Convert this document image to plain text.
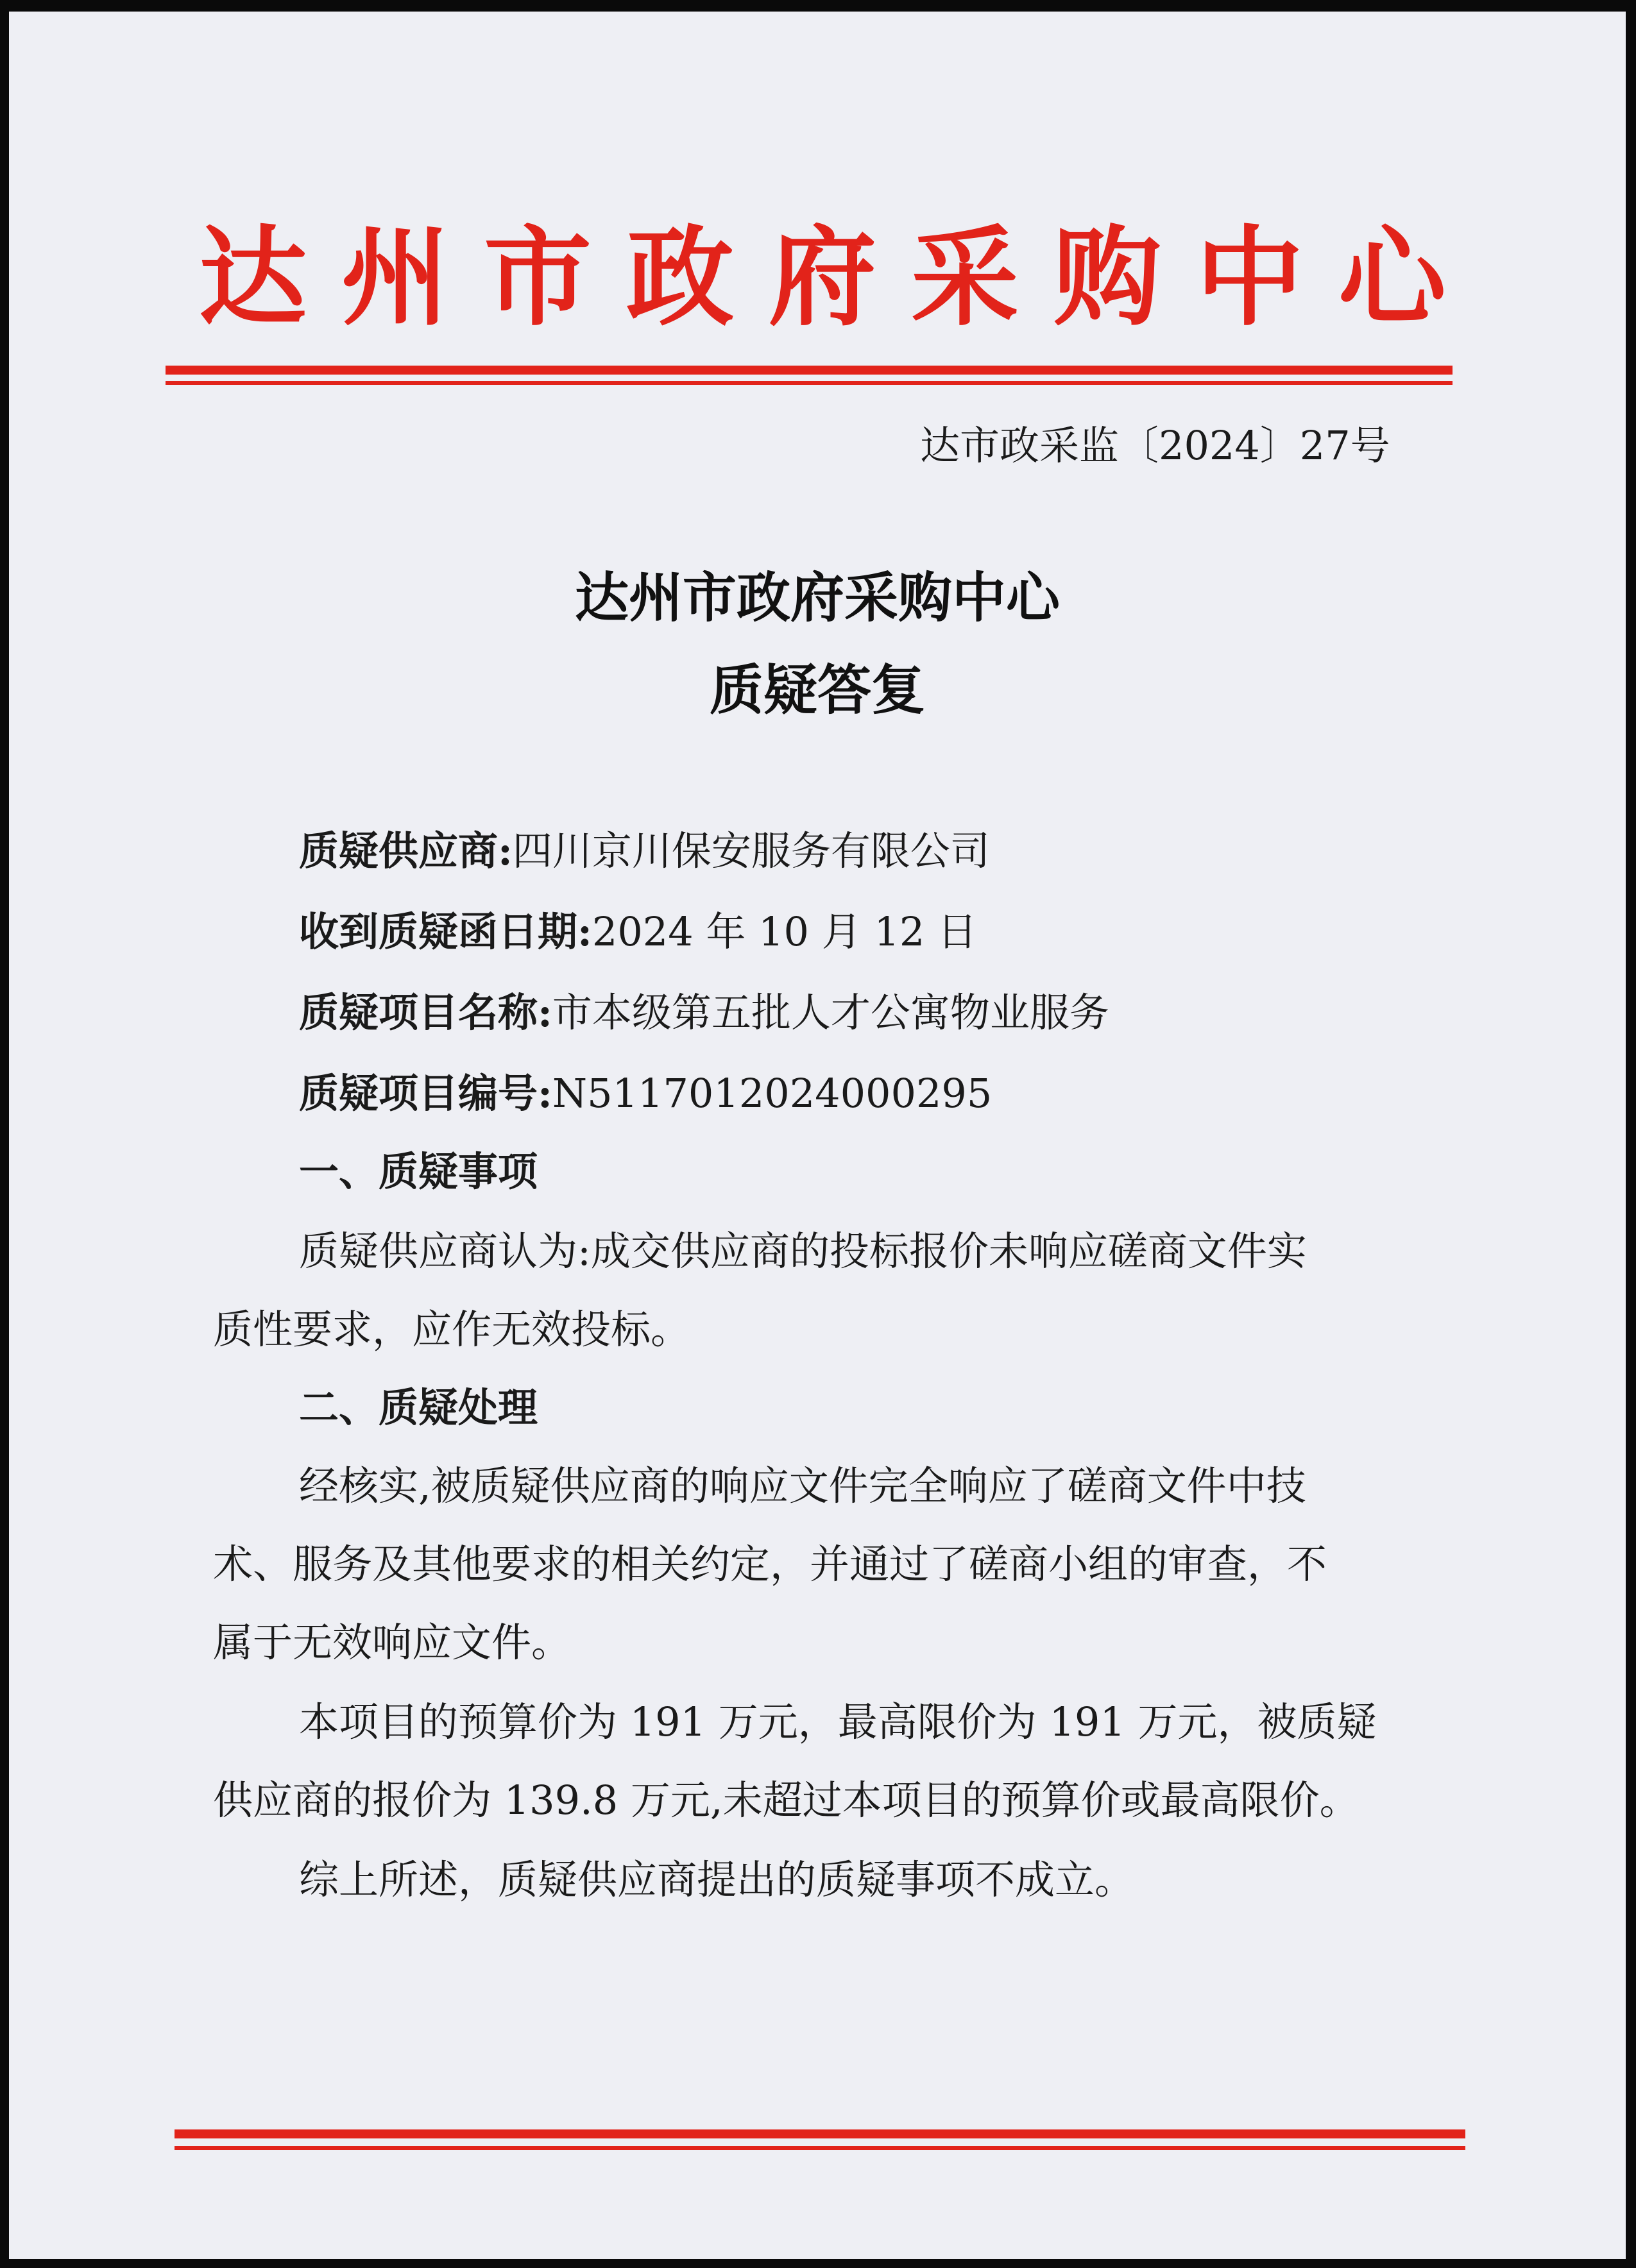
达州市政府采购中心
达市政采监〔2024〕27号
达州市政府采购中心
质疑答复
质疑供应商:四川京川保安服务有限公司
收到质疑函日期:2024 年 10 月 12 日
质疑项目名称:市本级第五批人才公寓物业服务
质疑项目编号:N5117012024000295
一、质疑事项
质疑供应商认为:成交供应商的投标报价未响应磋商文件实
质性要求，应作无效投标。
二、质疑处理
经核实,被质疑供应商的响应文件完全响应了磋商文件中技
术、服务及其他要求的相关约定，并通过了磋商小组的审查，不
属于无效响应文件。
本项目的预算价为 191 万元，最高限价为 191 万元，被质疑
供应商的报价为 139.8 万元,未超过本项目的预算价或最高限价。
综上所述，质疑供应商提出的质疑事项不成立。
